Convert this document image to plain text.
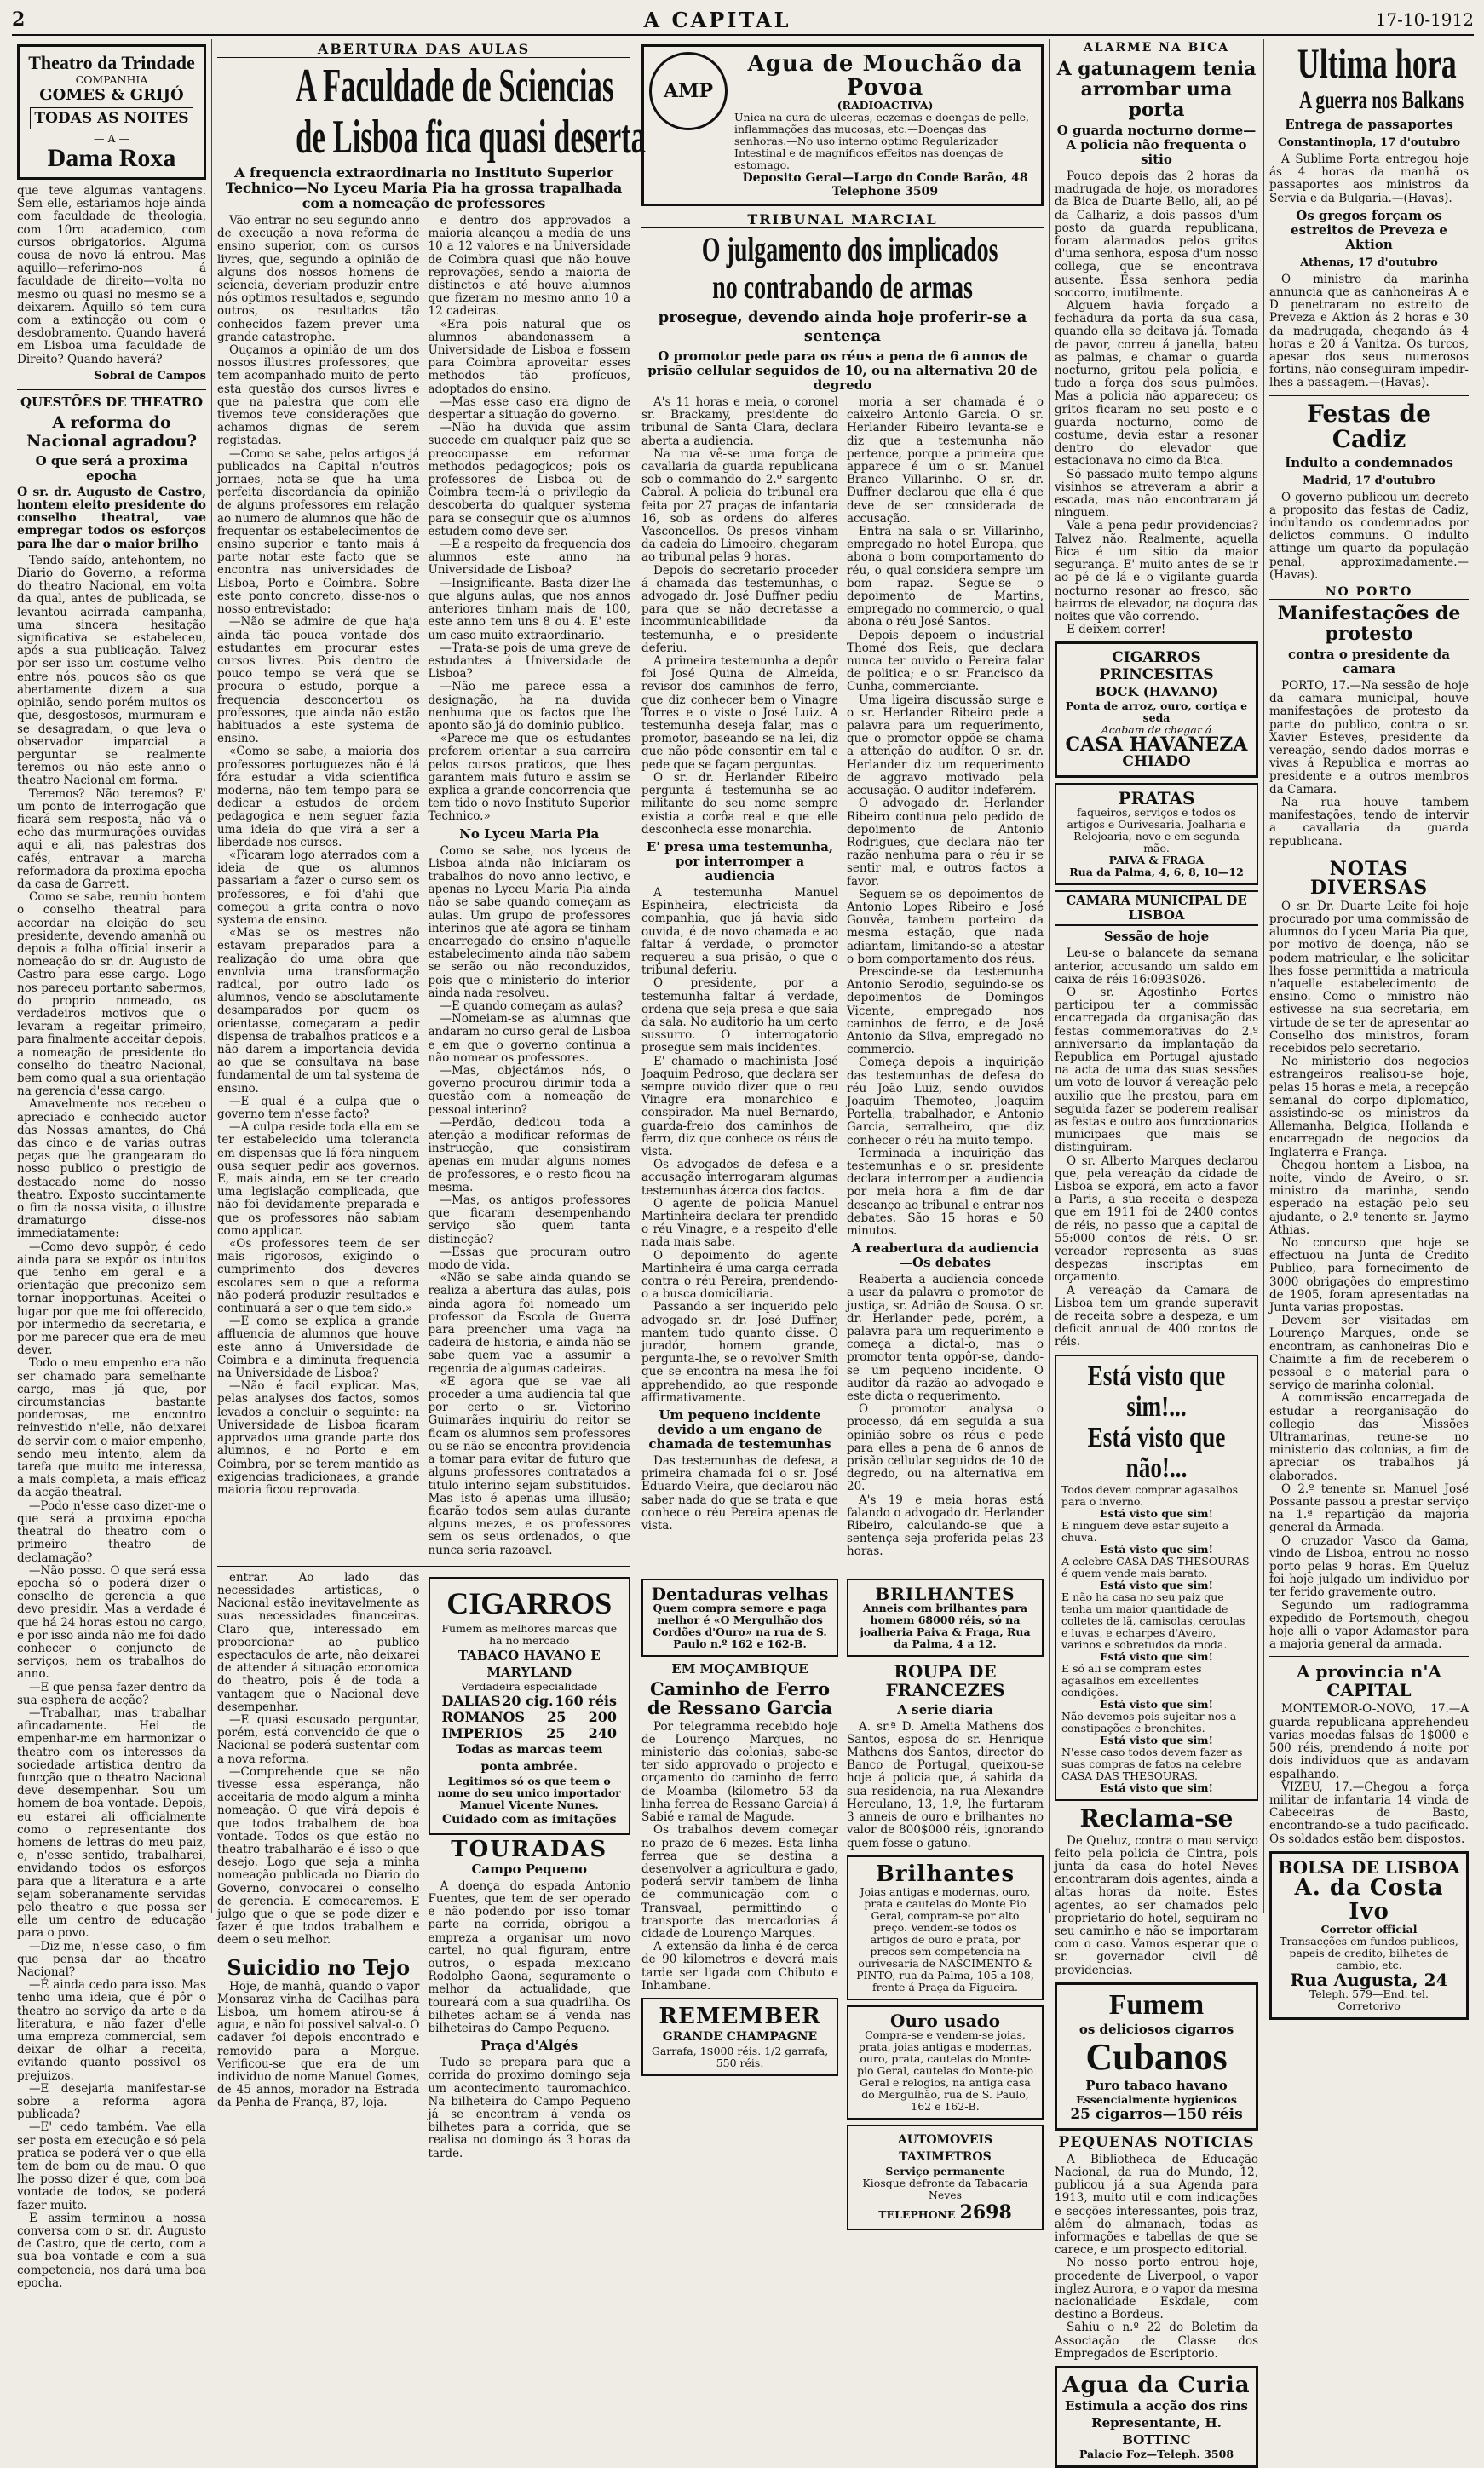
2	A CAPITAL	17-10-1912
Theatro da Trindade
COMPANHIA
GOMES & GRIJÓ
TODAS AS NOITES
— A —
Dama Roxa
que teve algumas vantagens. Sem elle, estariamos hoje ainda com faculdade de theologia, com 10ro academico, com cursos obrigatorios. Alguma cousa de novo lá entrou. Mas aquillo—referimo-nos á faculdade de direito—volta no mesmo ou quasi no mesmo se a deixarem. Aquillo só tem cura com a extincção ou com o desdobramento. Quando haverá em Lisboa uma faculdade de Direito? Quando haverá?
Sobral de Campos
QUESTÕES DE THEATRO
A reforma do Nacional agradou?
O que será a proxima epocha
O sr. dr. Augusto de Castro, hontem eleito presidente do conselho theatral, vae empregar todos os esforços para lhe dar o maior brilho

Tendo saído, antehontem, no Diario do Governo, a reforma do theatro Nacional, em volta da qual, antes de publicada, se levantou acirrada campanha, uma sincera hesitação significativa se estabeleceu, após a sua publicação. Talvez por ser isso um costume velho entre nós, poucos são os que abertamente dizem a sua opinião, sendo porém muitos os que, desgostosos, murmuram e se desagradam, o que leva o observador imparcial a perguntar se realmente teremos ou não este anno o theatro Nacional em forma.

Teremos? Não teremos? E' um ponto de interrogação que ficará sem resposta, não vá o echo das murmurações ouvidas aqui e ali, nas palestras dos cafés, entravar a marcha reformadora da proxima epocha da casa de Garrett.

Como se sabe, reuniu hontem o conselho theatral para accordar na eleição do seu presidente, devendo amanhã ou depois a folha official inserir a nomeação do sr. dr. Augusto de Castro para esse cargo. Logo nos pareceu portanto sabermos, do proprio nomeado, os verdadeiros motivos que o levaram a regeitar primeiro, para finalmente acceitar depois, a nomeação de presidente do conselho do theatro Nacional, bem como qual a sua orientação na gerencia d'essa cargo.

Amavelmente nos recebeu o apreciado e conhecido auctor das Nossas amantes, do Chá das cinco e de varias outras peças que lhe grangearam do nosso publico o prestigio de destacado nome do nosso theatro. Exposto succintamente o fim da nossa visita, o illustre dramaturgo disse-nos immediatamente:

—Como devo suppôr, é cedo ainda para se expôr os intuitos que tenho em geral e a orientação que preconizo sem tornar inopportunas. Aceitei o lugar por que me foi offerecido, por intermedio da secretaria, e por me parecer que era de meu dever.

Todo o meu empenho era não ser chamado para semelhante cargo, mas já que, por circumstancias bastante ponderosas, me encontro reinvestido n'elle, não deixarei de servir com o maior empenho, sendo meu intento, alem da tarefa que muito me interessa, a mais completa, a mais efficaz da acção theatral.

—Podo n'esse caso dizer-me o que será a proxima epocha theatral do theatro com o primeiro theatro de declamação?

—Não posso. O que será essa epocha só o poderá dizer o conselho de gerencia a que devo presidir. Mas a verdade é que há 24 horas estou no cargo, e por isso ainda não me foi dado conhecer o conjuncto de serviços, nem os trabalhos do anno.

—E que pensa fazer dentro da sua esphera de acção?

—Trabalhar, mas trabalhar afincadamente. Hei de empenhar-me em harmonizar o theatro com os interesses da sociedade artistica dentro da funcção que o theatro Nacional deve desempenhar. Sou um homem de boa vontade. Depois, eu estarei ali officialmente como o representante dos homens de lettras do meu paiz, e, n'esse sentido, trabalharei, envidando todos os esforços para que a literatura e a arte sejam soberanamente servidas pelo theatro e que possa ser elle um centro de educação para o povo.

—Diz-me, n'esse caso, o fim que pensa dar ao theatro Nacional?

—É ainda cedo para isso. Mas tenho uma ideia, que é pôr o theatro ao serviço da arte e da literatura, e não fazer d'elle uma empreza commercial, sem deixar de olhar a receita, evitando quanto possivel os prejuizos.

—E desejaria manifestar-se sobre a reforma agora publicada?

—E' cedo também. Vae ella ser posta em execução e só pela pratica se poderá ver o que ella tem de bom ou de mau. O que lhe posso dizer é que, com boa vontade de todos, se poderá fazer muito.

E assim terminou a nossa conversa com o sr. dr. Augusto de Castro, que de certo, com a sua boa vontade e com a sua competencia, nos dará uma boa epocha.

ABERTURA DAS AULAS
A Faculdade de Sciencias
de Lisboa fica quasi deserta
A frequencia extraordinaria no Instituto Superior Technico—No Lyceu Maria Pia ha grossa trapalhada com a nomeação de professores

Vão entrar no seu segundo anno de execução a nova reforma de ensino superior, com os cursos livres, que, segundo a opinião de alguns dos nossos homens de sciencia, deveriam produzir entre nós optimos resultados e, segundo outros, os resultados tão conhecidos fazem prever uma grande catastrophe.

Ouçamos a opinião de um dos nossos illustres professores, que tem acompanhado muito de perto esta questão dos cursos livres e que na palestra que com elle tivemos teve considerações que achamos dignas de serem registadas.

—Como se sabe, pelos artigos já publicados na Capital n'outros jornaes, nota-se que ha uma perfeita discordancia da opinião de alguns professores em relação ao numero de alumnos que hão de frequentar os estabelecimentos de ensino superior e tanto mais á parte notar este facto que se encontra nas universidades de Lisboa, Porto e Coimbra. Sobre este ponto concreto, disse-nos o nosso entrevistado:

—Não se admire de que haja ainda tão pouca vontade dos estudantes em procurar estes cursos livres. Pois dentro de pouco tempo se verá que se procura o estudo, porque a frequencia desconcertou os professores, que ainda não estão habituados a este systema de ensino.

«Como se sabe, a maioria dos professores portuguezes não é lá fóra estudar a vida scientifica moderna, não tem tempo para se dedicar a estudos de ordem pedagogica e nem seguer fazia uma ideia do que virá a ser a liberdade nos cursos.

«Ficaram logo aterrados com a ideia de que os alumnos passariam a fazer o curso sem os professores, e foi d'ahi que começou a grita contra o novo systema de ensino.

«Mas se os mestres não estavam preparados para a realização do uma obra que envolvia uma transformação radical, por outro lado os alumnos, vendo-se absolutamente desamparados por quem os orientasse, começaram a pedir dispensa de trabalhos praticos e a não darem a importancia devida ao que se consultava na base fundamental de um tal systema de ensino.

—E qual é a culpa que o governo tem n'esse facto?

—A culpa reside toda ella em se ter estabelecido uma tolerancia em dispensas que lá fóra ninguem ousa sequer pedir aos governos. E, mais ainda, em se ter creado uma legislação complicada, que não foi devidamente preparada e que os professores não sabiam como applicar.

«Os professores teem de ser mais rigorosos, exigindo o cumprimento dos deveres escolares sem o que a reforma não poderá produzir resultados e continuará a ser o que tem sido.»

—E como se explica a grande affluencia de alumnos que houve este anno á Universidade de Coimbra e a diminuta frequencia na Universidade de Lisboa?

—Não é facil explicar. Mas, pelas analyses dos factos, somos levados a concluir o seguinte: na Universidade de Lisboa ficaram apprvados uma grande parte dos alumnos, e no Porto e em Coimbra, por se terem mantido as exigencias tradicionaes, a grande maioria ficou reprovada.

e dentro dos approvados a maioria alcançou a media de uns 10 a 12 valores e na Universidade de Coimbra quasi que não houve reprovações, sendo a maioria de distinctos e até houve alumnos que fizeram no mesmo anno 10 a 12 cadeiras.

«Era pois natural que os alumnos abandonassem a Universidade de Lisboa e fossem para Coimbra aproveitar esses methodos tão profícuos, adoptados do ensino.

—Mas esse caso era digno de despertar a situação do governo.

—Não ha duvida que assim succede em qualquer paiz que se preoccupasse em reformar methodos pedagogicos; pois os professores de Lisboa ou de Coimbra teem-lá o privilegio da descoberta do qualquer systema para se conseguir que os alumnos estudem como deve ser.

—E a respeito da frequencia dos alumnos este anno na Universidade de Lisboa?

—Insignificante. Basta dizer-lhe que alguns aulas, que nos annos anteriores tinham mais de 100, este anno tem uns 8 ou 4. E' este um caso muito extraordinario.

—Trata-se pois de uma greve de estudantes á Universidade de Lisboa?

—Não me parece essa a designação, ha na duvida nenhuma que os factos que lhe aponto são já do dominio publico.

«Parece-me que os estudantes preferem orientar a sua carreira pelos cursos praticos, que lhes garantem mais futuro e assim se explica a grande concorrencia que tem tido o novo Instituto Superior Technico.»

No Lyceu Maria Pia

Como se sabe, nos lyceus de Lisboa ainda não iniciaram os trabalhos do novo anno lectivo, e apenas no Lyceu Maria Pia ainda não se sabe quando começam as aulas. Um grupo de professores interinos que até agora se tinham encarregado do ensino n'aquelle estabelecimento ainda não sabem se serão ou não reconduzidos, pois que o ministerio do interior ainda nada resolveu.

—E quando começam as aulas?

—Nomeiam-se as alumnas que andaram no curso geral de Lisboa e em que o governo continua a não nomear os professores.

—Mas, objectámos nós, o governo procurou dirimir toda a questão com a nomeação de pessoal interino?

—Perdão, dedicou toda a atenção a modificar reformas de instrucção, que consistiram apenas em mudar alguns nomes de professores, e o resto ficou na mesma.

—Mas, os antigos professores que ficaram desempenhando serviço são quem tanta distincção?

—Essas que procuram outro modo de vida.

«Não se sabe ainda quando se realiza a abertura das aulas, pois ainda agora foi nomeado um professor da Escola de Guerra para preencher uma vaga na cadeira de historia, e ainda não se sabe quem vae a assumir a regencia de algumas cadeiras.

«E agora que se vae ali proceder a uma audiencia tal que por certo o sr. Victorino Guimarães inquiriu do reitor se ficam os alumnos sem professores ou se não se encontra providencia a tomar para evitar de futuro que alguns professores contratados a titulo interino sejam substituidos. Mas isto é apenas uma illusão; ficarão todos sem aulas durante alguns mezes, e os professores sem os seus ordenados, o que nunca seria razoavel.

entrar. Ao lado das necessidades artisticas, o Nacional estão inevitavelmente as suas necessidades financeiras. Claro que, interessado em proporcionar ao publico espectaculos de arte, não deixarei de attender á situação economica do theatro, pois é de toda a vantagem que o Nacional deve desempenhar.

—E quasi escusado perguntar, porém, está convencido de que o Nacional se poderá sustentar com a nova reforma.

—Comprehende que se não tivesse essa esperança, não acceitaria de modo algum a minha nomeação. O que virá depois é que todos trabalhem de boa vontade. Todos os que estão no theatro trabalharão e é isso o que desejo. Logo que seja a minha nomeação publicada no Diario do Governo, convocarei o conselho de gerencia. E começaremos. E julgo que o que se pode dizer e fazer é que todos trabalhem e deem o seu melhor.

Suicidio no Tejo

Hoje, de manhã, quando o vapor Monsaraz vinha de Cacilhas para Lisboa, um homem atirou-se á agua, e não foi possivel salval-o. O cadaver foi depois encontrado e removido para a Morgue. Verificou-se que era de um individuo de nome Manuel Gomes, de 45 annos, morador na Estrada da Penha de França, 87, loja.

CIGARROS
Fumem as melhores marcas que ha no mercado
TABACO HAVANO E MARYLAND
Verdadeira especialidade
DALIAS 20 cig. 160 réis
ROMANOS 25 200
IMPERIOS 25 240
Todas as marcas teem ponta ambrée.
Legitimos só os que teem o nome do seu unico importador Manuel Vicente Nunes.
Cuidado com as imitações
TOURADAS
Campo Pequeno

A doença do espada Antonio Fuentes, que tem de ser operado e não podendo por isso tomar parte na corrida, obrigou a empreza a organisar um novo cartel, no qual figuram, entre outros, o espada mexicano Rodolpho Gaona, seguramente o melhor da actualidade, que toureará com a sua quadrilha. Os bilhetes acham-se á venda nas bilheteiras do Campo Pequeno.

Praça d'Algés

Tudo se prepara para que a corrida do proximo domingo seja um acontecimento tauromachico. Na bilheteira do Campo Pequeno já se encontram á venda os bilhetes para a corrida, que se realisa no domingo ás 3 horas da tarde.

AMP
Agua de Mouchão da Povoa
(RADIOACTIVA)
Unica na cura de ulceras, eczemas e doenças de pelle, inflammações das mucosas, etc.—Doenças das senhoras.—No uso interno optimo Regularizador Intestinal e de magnificos effeitos nas doenças de estomago.
Deposito Geral—Largo do Conde Barão, 48
Telephone 3509
TRIBUNAL MARCIAL
O julgamento dos implicados
no contrabando de armas
prosegue, devendo ainda hoje proferir-se a sentença
O promotor pede para os réus a pena de 6 annos de prisão cellular seguidos de 10, ou na alternativa 20 de degredo

A's 11 horas e meia, o coronel sr. Brackamy, presidente do tribunal de Santa Clara, declara aberta a audiencia.

Na rua vê-se uma força de cavallaria da guarda republicana sob o commando do 2.º sargento Cabral. A policia do tribunal era feita por 27 praças de infantaria 16, sob as ordens do alferes Vasconcellos. Os presos vinham da cadeia do Limoeiro, chegaram ao tribunal pelas 9 horas.

Depois do secretario proceder á chamada das testemunhas, o advogado dr. José Duffner pediu para que se não decretasse a incommunicabilidade da testemunha, e o presidente deferiu.

A primeira testemunha a depôr foi José Quina de Almeida, revisor dos caminhos de ferro, que diz conhecer bem o Vinagre Torres e o viste o José Luiz. A testemunha deseja falar, mas o promotor, baseando-se na lei, diz que não pôde consentir em tal e pede que se façam perguntas.

O sr. dr. Herlander Ribeiro pergunta á testemunha se ao militante do seu nome sempre existia a corôa real e que elle desconhecia esse monarchia.

E' presa uma testemunha, por interromper a audiencia

A testemunha Manuel Espinheira, electricista da companhia, que já havia sido ouvida, é de novo chamada e ao faltar á verdade, o promotor requereu a sua prisão, o que o tribunal deferiu.

O presidente, por a testemunha faltar á verdade, ordena que seja presa e que saia da sala. No auditorio ha um certo sussurro. O interrogatorio prosegue sem mais incidentes.

E' chamado o machinista José Joaquim Pedroso, que declara ser sempre ouvido dizer que o reu Vinagre era monarchico e conspirador. Ma nuel Bernardo, guarda-freio dos caminhos de ferro, diz que conhece os réus de vista.

Os advogados de defesa e a accusação interrogaram algumas testemunhas ácerca dos factos.

O agente de policia Manuel Martinheira declara ter prendido o réu Vinagre, e a respeito d'elle nada mais sabe.

O depoimento do agente Martinheira é uma carga cerrada contra o réu Pereira, prendendo-o a busca domiciliaria.

Passando a ser inquerido pelo advogado sr. dr. José Duffner, mantem tudo quanto disse. O juradór, homem grande, pergunta-lhe, se o revolver Smith que se encontra na mesa lhe foi apprehendido, ao que responde affirmativamente.

Um pequeno incidente devido a um engano de chamada de testemunhas

Das testemunhas de defesa, a primeira chamada foi o sr. José Eduardo Vieira, que declarou não saber nada do que se trata e que conhece o réu Pereira apenas de vista.

moria a ser chamada é o caixeiro Antonio Garcia. O sr. Herlander Ribeiro levanta-se e diz que a testemunha não pertence, porque a primeira que apparece é um o sr. Manuel Branco Villarinho. O sr. dr. Duffner declarou que ella é que deve de ser considerada de accusação.

Entra na sala o sr. Villarinho, empregado no hotel Europa, que abona o bom comportamento do réu, o qual considera sempre um bom rapaz. Segue-se o depoimento de Martins, empregado no commercio, o qual abona o réu José Santos.

Depois depoem o industrial Thomé dos Reis, que declara nunca ter ouvido o Pereira falar de politica; e o sr. Francisco da Cunha, commerciante.

Uma ligeira discussão surge e o sr. Herlander Ribeiro pede a palavra para um requerimento, que o promotor oppõe-se chama a attenção do auditor. O sr. dr. Herlander diz um requerimento de aggravo motivado pela accusação. O auditor indeferem.

O advogado dr. Herlander Ribeiro continua pelo pedido de depoimento de Antonio Rodrigues, que declara não ter razão nenhuma para o réu ir se sentir mal, e outros factos a favor.

Seguem-se os depoimentos de Antonio Lopes Ribeiro e José Gouvêa, tambem porteiro da mesma estação, que nada adiantam, limitando-se a atestar o bom comportamento dos réus.

Prescinde-se da testemunha Antonio Serodio, seguindo-se os depoimentos de Domingos Vicente, empregado nos caminhos de ferro, e de José Antonio da Silva, empregado no commercio.

Começa depois a inquirição das testemunhas de defesa do réu João Luiz, sendo ouvidos Joaquim Themoteo, Joaquim Portella, trabalhador, e Antonio Garcia, serralheiro, que diz conhecer o réu ha muito tempo.

Terminada a inquirição das testemunhas e o sr. presidente declara interromper a audiencia por meia hora a fim de dar descanço ao tribunal e entrar nos debates. São 15 horas e 50 minutos.

A reabertura da audiencia—Os debates

Reaberta a audiencia concede a usar da palavra o promotor de justiça, sr. Adrião de Sousa. O sr. dr. Herlander pede, porém, a palavra para um requerimento e começa a dictal-o, mas o promotor tenta oppôr-se, dando-se um pequeno incidente. O auditor dá razão ao advogado e este dicta o requerimento.

O promotor analysa o processo, dá em seguida a sua opinião sobre os réus e pede para elles a pena de 6 annos de prisão cellular seguidos de 10 de degredo, ou na alternativa em 20.

A's 19 e meia horas está falando o advogado dr. Herlander Ribeiro, calculando-se que a sentença seja proferida pelas 23 horas.

Dentaduras velhas
Quem compra semore e paga melhor é «O Mergulhão dos Cordões d'Ouro» na rua de S. Paulo n.º 162 e 162-B.
EM MOÇAMBIQUE
Caminho de Ferro de Ressano Garcia

Por telegramma recebido hoje de Lourenço Marques, no ministerio das colonias, sabe-se ter sido approvado o projecto e orçamento do caminho de ferro de Moamba (kilometro 53 da linha ferrea de Ressano Garcia) á Sabié e ramal de Magude.

Os trabalhos devem começar no prazo de 6 mezes. Esta linha ferrea que se destina a desenvolver a agricultura e gado, poderá servir tambem de linha de communicação com o Transvaal, permittindo o transporte das mercadorias á cidade de Lourenço Marques.

A extensão da linha é de cerca de 90 kilometros e deverá mais tarde ser ligada com Chibuto e Inhambane.

REMEMBER
GRANDE CHAMPAGNE
Garrafa, 1$000 réis. 1/2 garrafa, 550 réis.
BRILHANTES
Anneis com brilhantes para homem 68000 réis, só na joalheria Paiva & Fraga, Rua da Palma, 4 a 12.
ROUPA DE FRANCEZES
A serie diaria

A. sr.ª D. Amelia Mathens dos Santos, esposa do sr. Henrique Mathens dos Santos, director do Banco de Portugal, queixou-se hoje á policia que, á sahida da sua residencia, na rua Alexandre Herculano, 13, 1.º, lhe furtaram 3 anneis de ouro e brilhantes no valor de 800$000 réis, ignorando quem fosse o gatuno.

Brilhantes
Joias antigas e modernas, ouro, prata e cautelas do Monte Pio Geral, compram-se por alto preço. Vendem-se todos os artigos de ouro e prata, por precos sem competencia na ourivesaria de NASCIMENTO & PINTO, rua da Palma, 105 a 108, frente á Praça da Figueira.
Ouro usado
Compra-se e vendem-se joias, prata, joias antigas e modernas, ouro, prata, cautelas do Monte-pio Geral, cautelas do Monte-pio Geral e relogios, na antiga casa do Mergulhão, rua de S. Paulo, 162 e 162-B.
AUTOMOVEIS TAXIMETROS
Serviço permanente
Kiosque defronte da Tabacaria Neves
TELEPHONE 2698
ALARME NA BICA
A gatunagem tenia arrombar uma porta
O guarda nocturno dorme—A policia não frequenta o sitio

Pouco depois das 2 horas da madrugada de hoje, os moradores da Bica de Duarte Bello, ali, ao pé da Calhariz, a dois passos d'um posto da guarda republicana, foram alarmados pelos gritos d'uma senhora, esposa d'um nosso collega, que se encontrava ausente. Essa senhora pedia soccorro, inutilmente.

Alguem havia forçado a fechadura da porta da sua casa, quando ella se deitava já. Tomada de pavor, correu á janella, bateu as palmas, e chamar o guarda nocturno, gritou pela policia, e tudo a força dos seus pulmões. Mas a policia não appareceu; os gritos ficaram no seu posto e o guarda nocturno, como de costume, devia estar a resonar dentro do elevador que estacionava no cimo da Bica.

Só passado muito tempo alguns visinhos se atreveram a abrir a escada, mas não encontraram já ninguem.

Vale a pena pedir providencias? Talvez não. Realmente, aquella Bica é um sitio da maior segurança. E' muito antes de se ir ao pé de lá e o vigilante guarda nocturno resonar ao fresco, são bairros de elevador, na doçura das noites que vão correndo.

E deixem correr!

CIGARROS PRINCESITAS
BOCK (HAVANO)
Ponta de arroz, ouro, cortiça e seda
Acabam de chegar á
CASA HAVANEZA
CHIADO
PRATAS
faqueiros, serviços e todos os artigos e Ourivesaria, Joalharia e Relojoaria, novo e em segunda mão.
PAIVA & FRAGA
Rua da Palma, 4, 6, 8, 10—12
CAMARA MUNICIPAL DE LISBOA
Sessão de hoje

Leu-se o balancete da semana anterior, accusando um saldo em caixa de réis 16:093$026.

O sr. Agostinho Fortes participou ter a commissão encarregada da organisação das festas commemorativas do 2.º anniversario da implantação da Republica em Portugal ajustado na acta de uma das suas sessões um voto de louvor á vereação pelo auxilio que lhe prestou, para em seguida fazer se poderem realisar as festas e outro aos funccionarios municipaes que mais se distinguiram.

O sr. Alberto Marques declarou que, pela vereação da cidade de Lisboa se exporá, em acto a favor a Paris, a sua receita e despeza que em 1911 foi de 2400 contos de réis, no passo que a capital de 55:000 contos de réis. O sr. vereador representa as suas despezas inscriptas em orçamento.

A vereação da Camara de Lisboa tem um grande superavit de receita sobre a despeza, e um deficit annual de 400 contos de réis.

Está visto que sim!...
Está visto que não!...
Todos devem comprar agasalhos para o inverno.
Está visto que sim!
E ninguem deve estar sujeito a chuva.
Está visto que sim!
A celebre CASA DAS THESOURAS é quem vende mais barato.
Está visto que sim!
E não ha casa no seu paiz que tenha um maior quantidade de colletes de lã, camisolas, ceroulas e luvas, e echarpes d'Aveiro, varinos e sobretudos da moda.
Está visto que sim!
E só ali se compram estes agasalhos em excellentes condições.
Está visto que sim!
Não devemos pois sujeitar-nos a constipações e bronchites.
Está visto que sim!
N'esse caso todos devem fazer as suas compras de fatos na celebre CASA DAS THESOURAS.
Está visto que sim!
Reclama-se

De Queluz, contra o mau serviço feito pela policia de Cintra, pois junta da casa do hotel Neves encontraram dois agentes, ainda a altas horas da noite. Estes agentes, ao ser chamados pelo proprietario do hotel, seguiram no seu caminho e não se importaram com o caso. Vamos esperar que o sr. governador civil dê providencias.

Fumem
os deliciosos cigarros
Cubanos
Puro tabaco havano
Essencialmente hygienicos
25 cigarros—150 réis
PEQUENAS NOTICIAS

A Bibliotheca de Educação Nacional, da rua do Mundo, 12, publicou já a sua Agenda para 1913, muito util e com indicações e secções interessantes, pois traz, além do almanach, todas as informações e tabellas de que se carece, e um prospecto editorial.

No nosso porto entrou hoje, procedente de Liverpool, o vapor inglez Aurora, e o vapor da mesma nacionalidade Eskdale, com destino a Bordeus.

Sahiu o n.º 22 do Boletim da Associação de Classe dos Empregados de Escriptorio.

Agua da Curia
Estimula a acção dos rins
Representante, H. BOTTINC
Palacio Foz—Teleph. 3508
Ultima hora
A guerra nos Balkans
Entrega de passaportes
Constantinopla, 17 d'outubro

A Sublime Porta entregou hoje ás 4 horas da manhã os passaportes aos ministros da Servia e da Bulgaria.—(Havas).

Os gregos forçam os estreitos de Preveza e Aktion
Athenas, 17 d'outubro

O ministro da marinha annuncia que as canhoneiras A e D penetraram no estreito de Preveza e Aktion ás 2 horas e 30 da madrugada, chegando ás 4 horas e 20 á Vanitza. Os turcos, apesar dos seus numerosos fortins, não conseguiram impedir-lhes a passagem.—(Havas).

Festas de Cadiz
Indulto a condemnados
Madrid, 17 d'outubro

O governo publicou um decreto a proposito das festas de Cadiz, indultando os condemnados por delictos communs. O indulto attinge um quarto da população penal, approximadamente.—(Havas).

NO PORTO
Manifestações de protesto
contra o presidente da camara

PORTO, 17.—Na sessão de hoje da camara municipal, houve manifestações de protesto da parte do publico, contra o sr. Xavier Esteves, presidente da vereação, sendo dados morras e vivas á Republica e morras ao presidente e a outros membros da Camara.

Na rua houve tambem manifestações, tendo de intervir a cavallaria da guarda republicana.

NOTAS DIVERSAS

O sr. Dr. Duarte Leite foi hoje procurado por uma commissão de alumnos do Lyceu Maria Pia que, por motivo de doença, não se podem matricular, e lhe solicitar lhes fosse permittida a matricula n'aquelle estabelecimento de ensino. Como o ministro não estivesse na sua secretaria, em virtude de se ter de apresentar ao Conselho dos ministros, foram recebidos pelo secretario.

No ministerio dos negocios estrangeiros realisou-se hoje, pelas 15 horas e meia, a recepção semanal do corpo diplomatico, assistindo-se os ministros da Allemanha, Belgica, Hollanda e encarregado de negocios da Inglaterra e França.

Chegou hontem a Lisboa, na noite, vindo de Aveiro, o sr. ministro da marinha, sendo esperado na estação pelo seu ajudante, o 2.º tenente sr. Jaymo Athias.

No concurso que hoje se effectuou na Junta de Credito Publico, para fornecimento de 3000 obrigações do emprestimo de 1905, foram apresentadas na Junta varias propostas.

Devem ser visitadas em Lourenço Marques, onde se encontram, as canhoneiras Dio e Chaimite a fim de receberem o pessoal e o material para o serviço de marinha colonial.

A commissão encarregada de estudar a reorganisação do collegio das Missões Ultramarinas, reune-se no ministerio das colonias, a fim de apreciar os trabalhos já elaborados.

O 2.º tenente sr. Manuel José Possante passou a prestar serviço na 1.ª repartição da majoria general da Armada.

O cruzador Vasco da Gama, vindo de Lisboa, entrou no nosso porto pelas 9 horas. Em Queluz foi hoje julgado um individuo por ter ferido gravemente outro.

Segundo um radiogramma expedido de Portsmouth, chegou hoje alli o vapor Adamastor para a majoria general da armada.

A provincia n'A CAPITAL

MONTEMOR-O-NOVO, 17.—A guarda republicana apprehendeu varias moedas falsas de 1$000 e 500 réis, prendendo á noite por dois individuos que as andavam espalhando.

VIZEU, 17.—Chegou a força militar de infantaria 14 vinda de Cabeceiras de Basto, encontrando-se a tudo pacificado. Os soldados estão bem dispostos.

BOLSA DE LISBOA
A. da Costa Ivo
Corretor official
Transacções em fundos publicos, papeis de credito, bilhetes de cambio, etc.
Rua Augusta, 24
Teleph. 579—End. tel. Corretorivo
